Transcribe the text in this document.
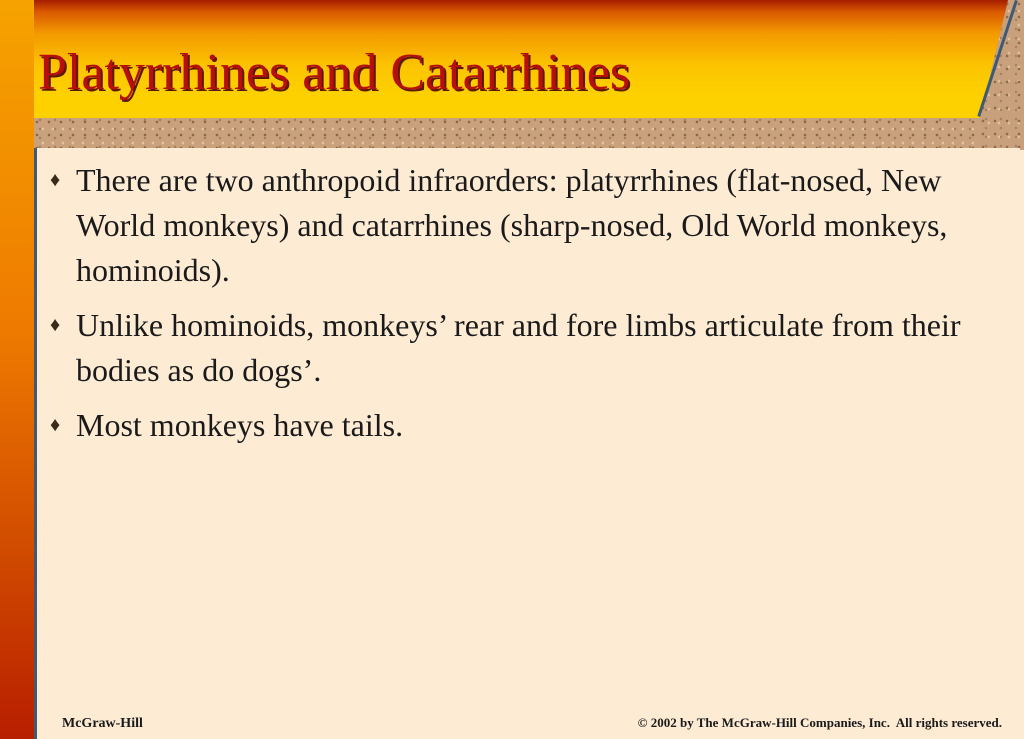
Platyrrhines and Catarrhines
♦ There are two anthropoid infraorders: platyrrhines (flat-nosed, New World monkeys) and catarrhines (sharp-nosed, Old World monkeys, hominoids).
♦ Unlike hominoids, monkeys’ rear and fore limbs articulate from their bodies as do dogs’.
♦ Most monkeys have tails.
McGraw-Hill	© 2002 by The McGraw-Hill Companies, Inc.  All rights reserved.
